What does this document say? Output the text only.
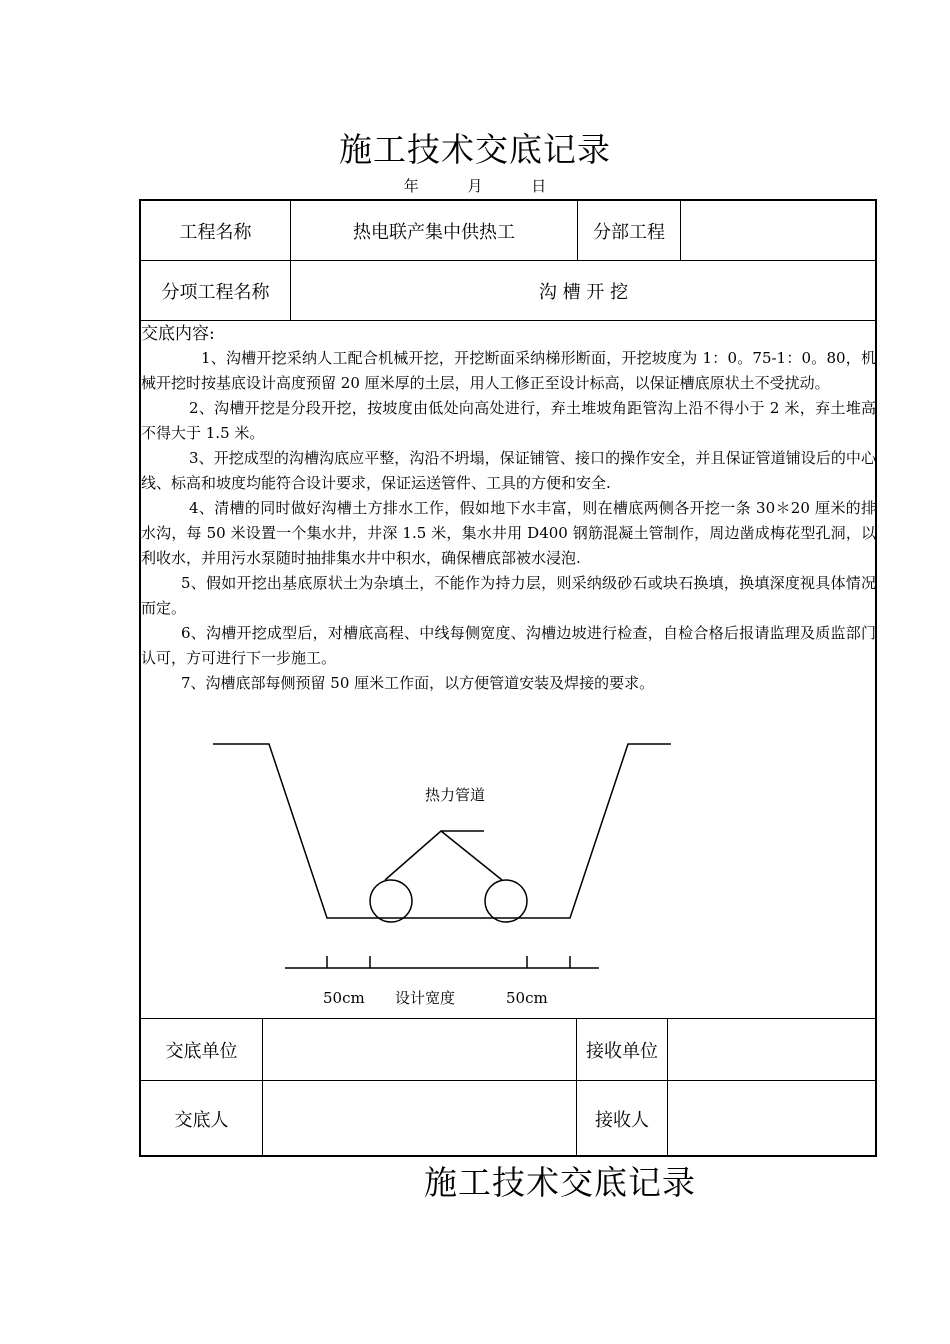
施工技术交底记录
年	月	日
工程名称	热电联产集中供热工	分部工程
分项工程名称	沟 槽 开 挖
交底内容:

1、沟槽开挖采纳人工配合机械开挖，开挖断面采纳梯形断面，开挖坡度为 1：0。75-1：0。80，机械开挖时按基底设计高度预留 20 厘米厚的土层，用人工修正至设计标高，以保证槽底原状土不受扰动。

2、沟槽开挖是分段开挖，按坡度由低处向高处进行，弃土堆坡角距管沟上沿不得小于 2 米，弃土堆高不得大于 1.5 米。

3、开挖成型的沟槽沟底应平整，沟沿不坍塌，保证铺管、接口的操作安全，并且保证管道铺设后的中心线、标高和坡度均能符合设计要求，保证运送管件、工具的方便和安全.

4、清槽的同时做好沟槽土方排水工作，假如地下水丰富，则在槽底两侧各开挖一条 30＊20 厘米的排水沟，每 50 米设置一个集水井，井深 1.5 米，集水井用 D400 钢筋混凝土管制作，周边凿成梅花型孔洞，以利收水，并用污水泵随时抽排集水井中积水，确保槽底部被水浸泡.

5、假如开挖出基底原状土为杂填土，不能作为持力层，则采纳级砂石或块石换填，换填深度视具体情况而定。

6、沟槽开挖成型后，对槽底高程、中线每侧宽度、沟槽边坡进行检查，自检合格后报请监理及质监部门认可，方可进行下一步施工。

7、沟槽底部每侧预留 50 厘米工作面，以方便管道安装及焊接的要求。

热力管道
50cm 设计宽度	50cm
交底单位	接收单位
交底人	接收人
施工技术交底记录
